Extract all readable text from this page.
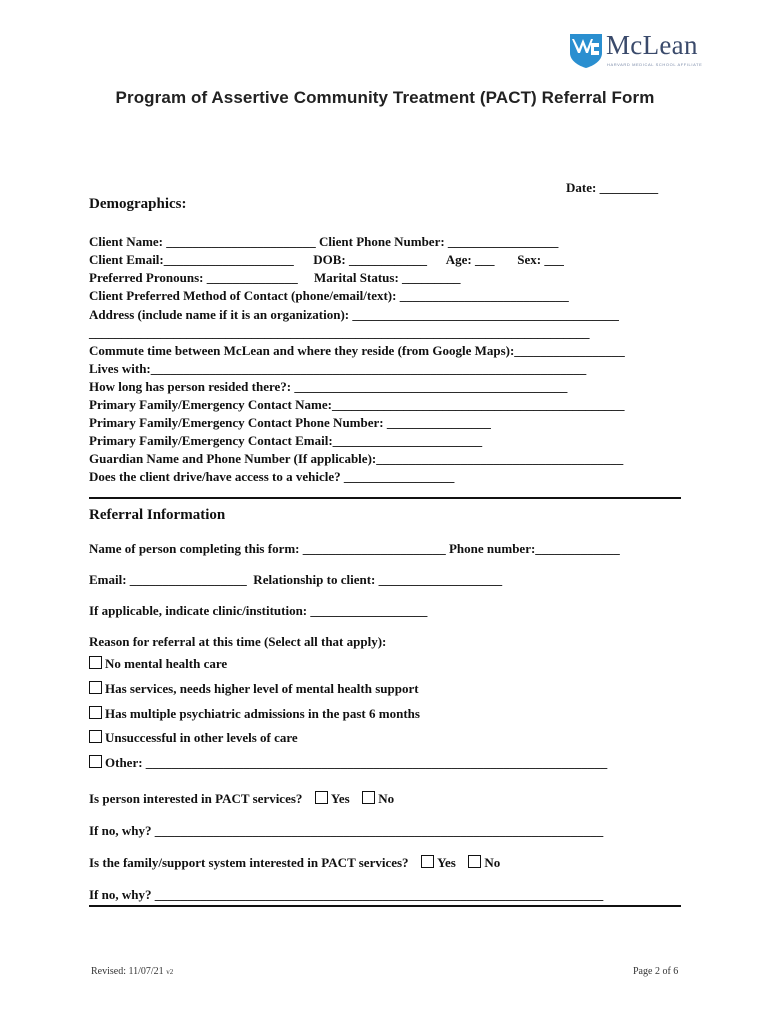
McLean
HARVARD MEDICAL SCHOOL AFFILIATE
Program of Assertive Community Treatment (PACT) Referral Form
Date: _________
Demographics:
Client Name: _______________________ Client Phone Number: _________________
Client Email:____________________      DOB: ____________      Age: ___       Sex: ___
Preferred Pronouns: ______________     Marital Status: _________
Client Preferred Method of Contact (phone/email/text): __________________________
Address (include name if it is an organization): _________________________________________
_____________________________________________________________________________
Commute time between McLean and where they reside (from Google Maps):_________________
Lives with:___________________________________________________________________
How long has person resided there?: __________________________________________
Primary Family/Emergency Contact Name:_____________________________________________
Primary Family/Emergency Contact Phone Number: ________________
Primary Family/Emergency Contact Email:_______________________
Guardian Name and Phone Number (If applicable):______________________________________
Does the client drive/have access to a vehicle? _________________
Referral Information
Name of person completing this form: ______________________ Phone number:_____________
Email: __________________  Relationship to client: ___________________
If applicable, indicate clinic/institution: __________________
Reason for referral at this time (Select all that apply):
No mental health care
Has services, needs higher level of mental health support
Has multiple psychiatric admissions in the past 6 months
Unsuccessful in other levels of care
Other: _______________________________________________________________________
Is person interested in PACT services? Yes No
If no, why? _____________________________________________________________________
Is the family/support system interested in PACT services? Yes No
If no, why? _____________________________________________________________________
Revised: 11/07/21 v2	Page 2 of 6
